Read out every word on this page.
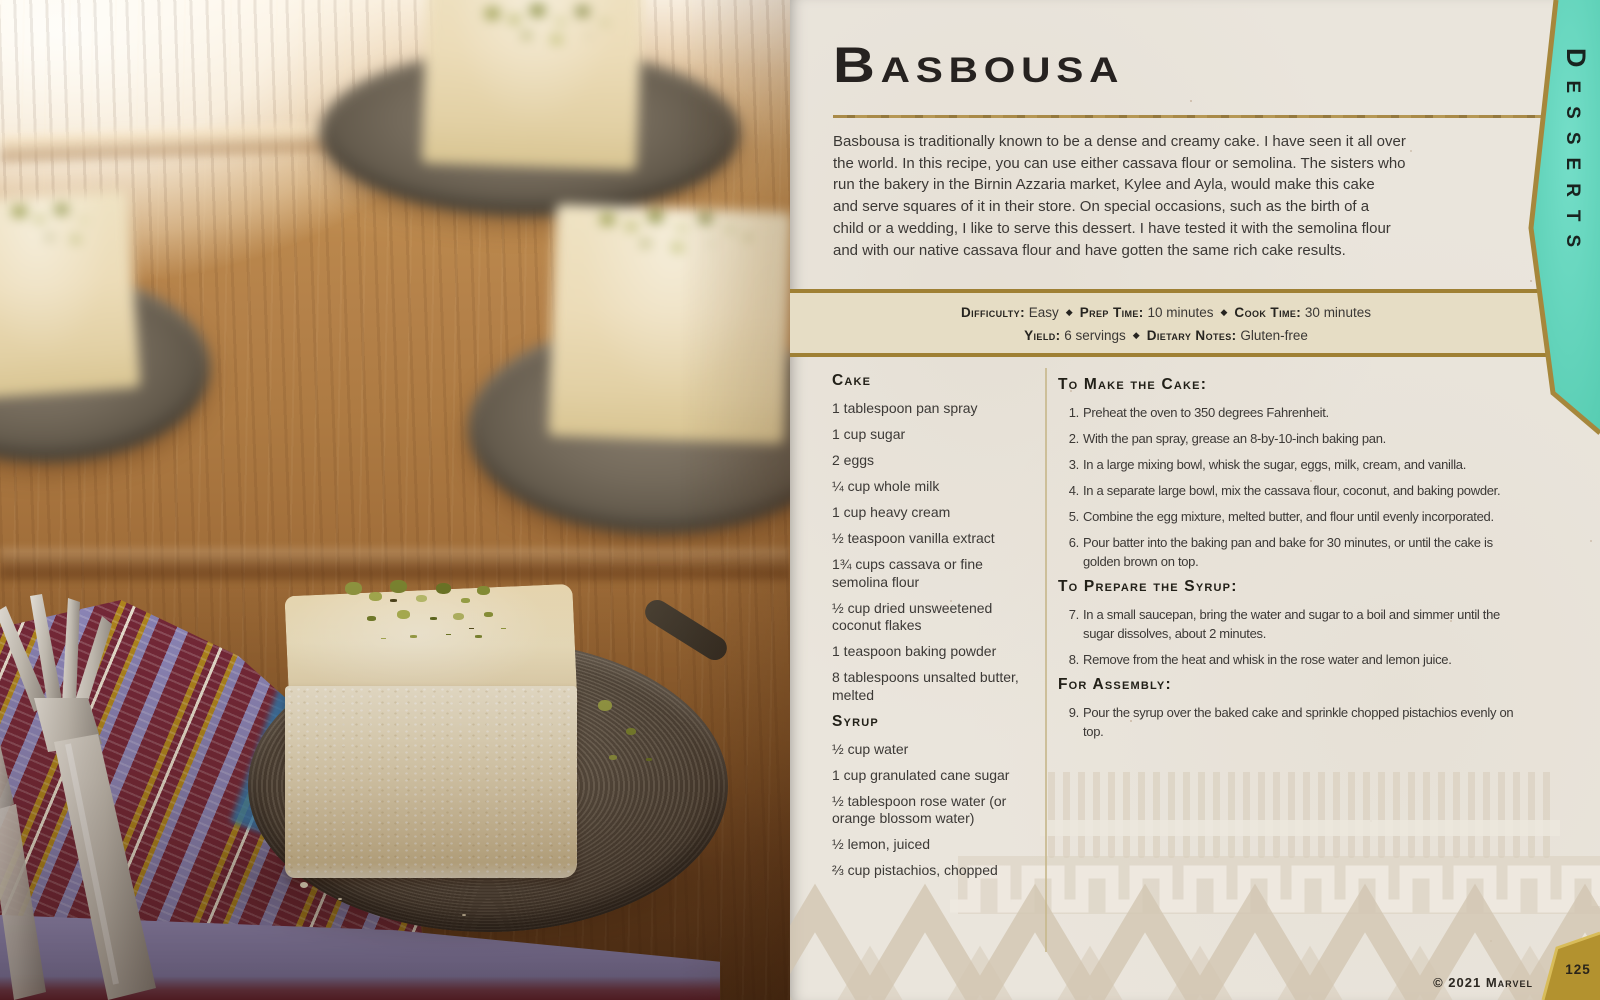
Basbousa
Basbousa is traditionally known to be a dense and creamy cake. I have seen it all over
the world. In this recipe, you can use either cassava flour or semolina. The sisters who
run the bakery in the Birnin Azzaria market, Kylee and Ayla, would make this cake
and serve squares of it in their store. On special occasions, such as the birth of a
child or a wedding, I like to serve this dessert. I have tested it with the semolina flour
and with our native cassava flour and have gotten the same rich cake results.
Difficulty: Easy ◆ Prep Time: 10 minutes ◆ Cook Time: 30 minutes
Yield: 6 servings ◆ Dietary Notes: Gluten-free
Cake
1 tablespoon pan spray
1 cup sugar
2 eggs
¼ cup whole milk
1 cup heavy cream
½ teaspoon vanilla extract
1¾ cups cassava or fine semolina flour
½ cup dried unsweetened coconut flakes
1 teaspoon baking powder
8 tablespoons unsalted butter, melted
Syrup
½ cup water
1 cup granulated cane sugar
½ tablespoon rose water (or orange blossom water)
½ lemon, juiced
⅔ cup pistachios, chopped
To Make the Cake:
1. Preheat the oven to 350 degrees Fahrenheit.
2. With the pan spray, grease an 8-by-10-inch baking pan.
3. In a large mixing bowl, whisk the sugar, eggs, milk, cream, and vanilla.
4. In a separate large bowl, mix the cassava flour, coconut, and baking powder.
5. Combine the egg mixture, melted butter, and flour until evenly incorporated.
6. Pour batter into the baking pan and bake for 30 minutes, or until the cake is golden brown on top.
To Prepare the Syrup:
7. In a small saucepan, bring the water and sugar to a boil and simmer until the sugar dissolves, about 2 minutes.
8. Remove from the heat and whisk in the rose water and lemon juice.
For Assembly:
9. Pour the syrup over the baked cake and sprinkle chopped pistachios evenly on top.
© 2021 Marvel
125
Desserts
